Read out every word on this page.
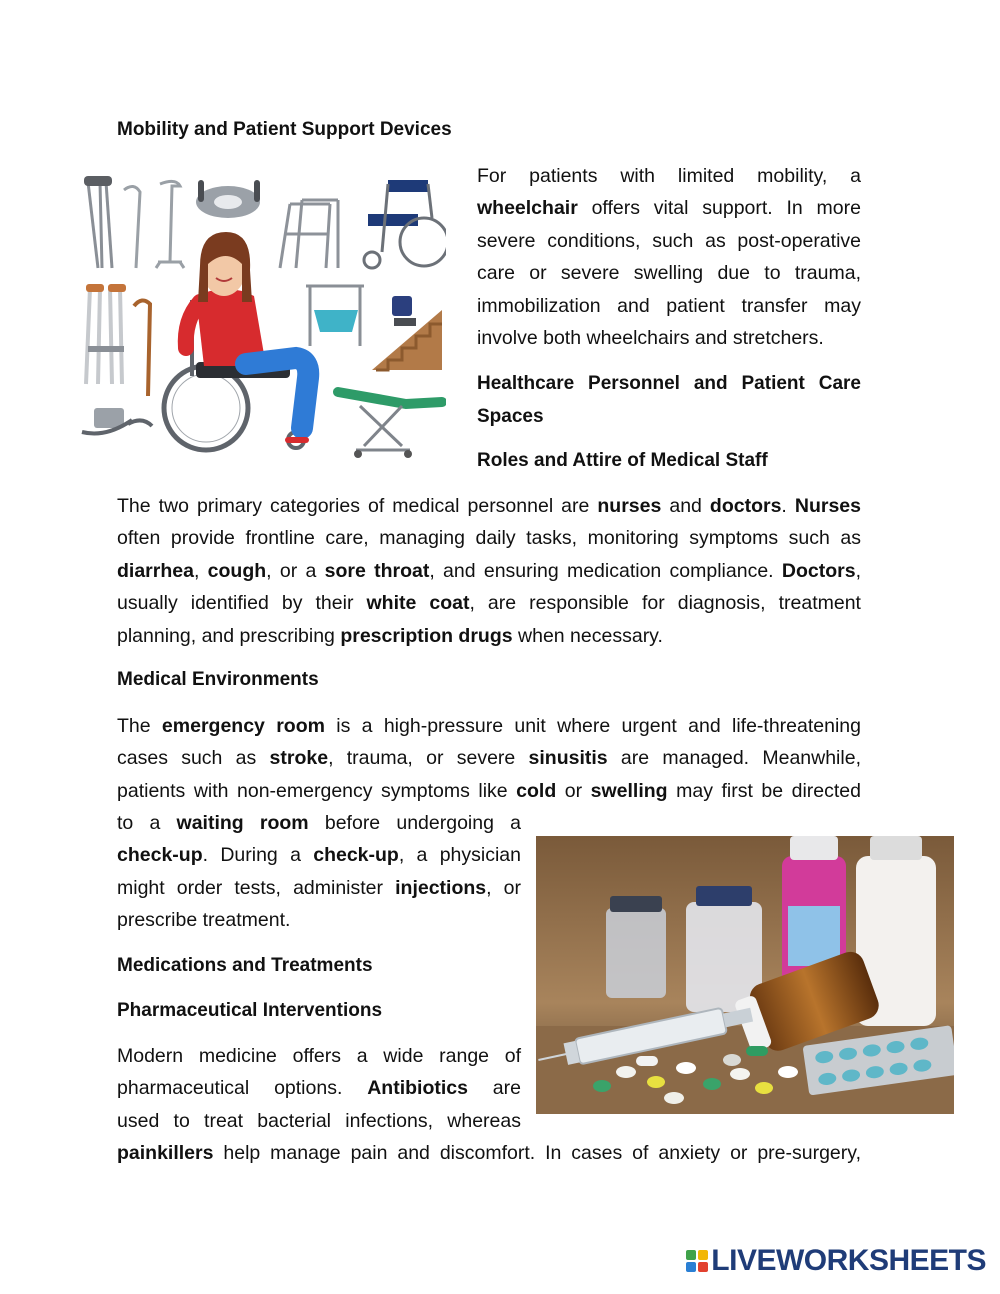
Mobility and Patient Support Devices
For patients with limited mobility, a
wheelchair offers vital support. In more
severe conditions, such as post-operative
care or severe swelling due to trauma,
immobilization and patient transfer may
involve both wheelchairs and stretchers.
Healthcare Personnel and Patient Care Spaces
Roles and Attire of Medical Staff
The two primary categories of medical personnel are nurses and doctors. Nurses
often provide frontline care, managing daily tasks, monitoring symptoms such as
diarrhea, cough, or a sore throat, and ensuring medication compliance. Doctors,
usually identified by their white coat, are responsible for diagnosis, treatment
planning, and prescribing prescription drugs when necessary.
Medical Environments
The emergency room is a high-pressure unit where urgent and life-threatening
cases such as stroke, trauma, or severe sinusitis are managed. Meanwhile,
patients with non-emergency symptoms like cold or swelling may first be directed
to a waiting room before undergoing a
check-up. During a check-up, a physician
might order tests, administer injections, or
prescribe treatment.
Medications and Treatments
Pharmaceutical Interventions
Modern medicine offers a wide range of
pharmaceutical options. Antibiotics are
used to treat bacterial infections, whereas
painkillers help manage pain and discomfort. In cases of anxiety or pre-surgery,
LIVEWORKSHEETS
